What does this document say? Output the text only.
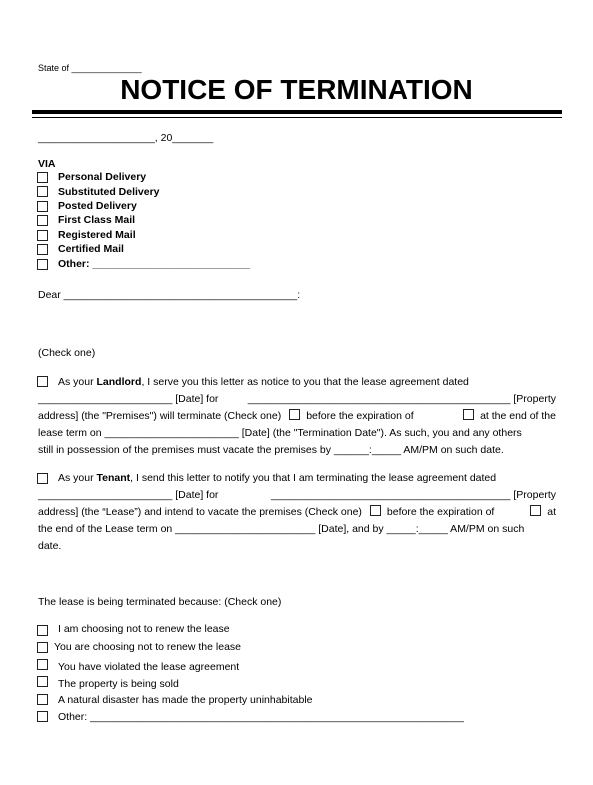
State of ______________
NOTICE OF TERMINATION
____________________, 20_______
VIA
Personal Delivery
Substituted Delivery
Posted Delivery
First Class Mail
Registered Mail
Certified Mail
Other: ___________________________
Dear ________________________________________:
(Check one)
As your Landlord, I serve you this letter as notice to you that the lease agreement dated
_______________________ [Date] for	_____________________________________________ [Property
address] (the "Premises") will terminate (Check one) before the expiration of	at the end of the
lease term on _______________________ [Date] (the "Termination Date"). As such, you and any others
still in possession of the premises must vacate the premises by ______:_____ AM/PM on such date.
As your Tenant, I send this letter to notify you that I am terminating the lease agreement dated
_______________________ [Date] for	_________________________________________ [Property
address] (the “Lease”) and intend to vacate the premises (Check one) before the expiration of	at
the end of the Lease term on ________________________ [Date], and by _____:_____ AM/PM on such
date.
The lease is being terminated because: (Check one)
I am choosing not to renew the lease
You are choosing not to renew the lease
You have violated the lease agreement
The property is being sold
A natural disaster has made the property uninhabitable
Other: ________________________________________________________________
